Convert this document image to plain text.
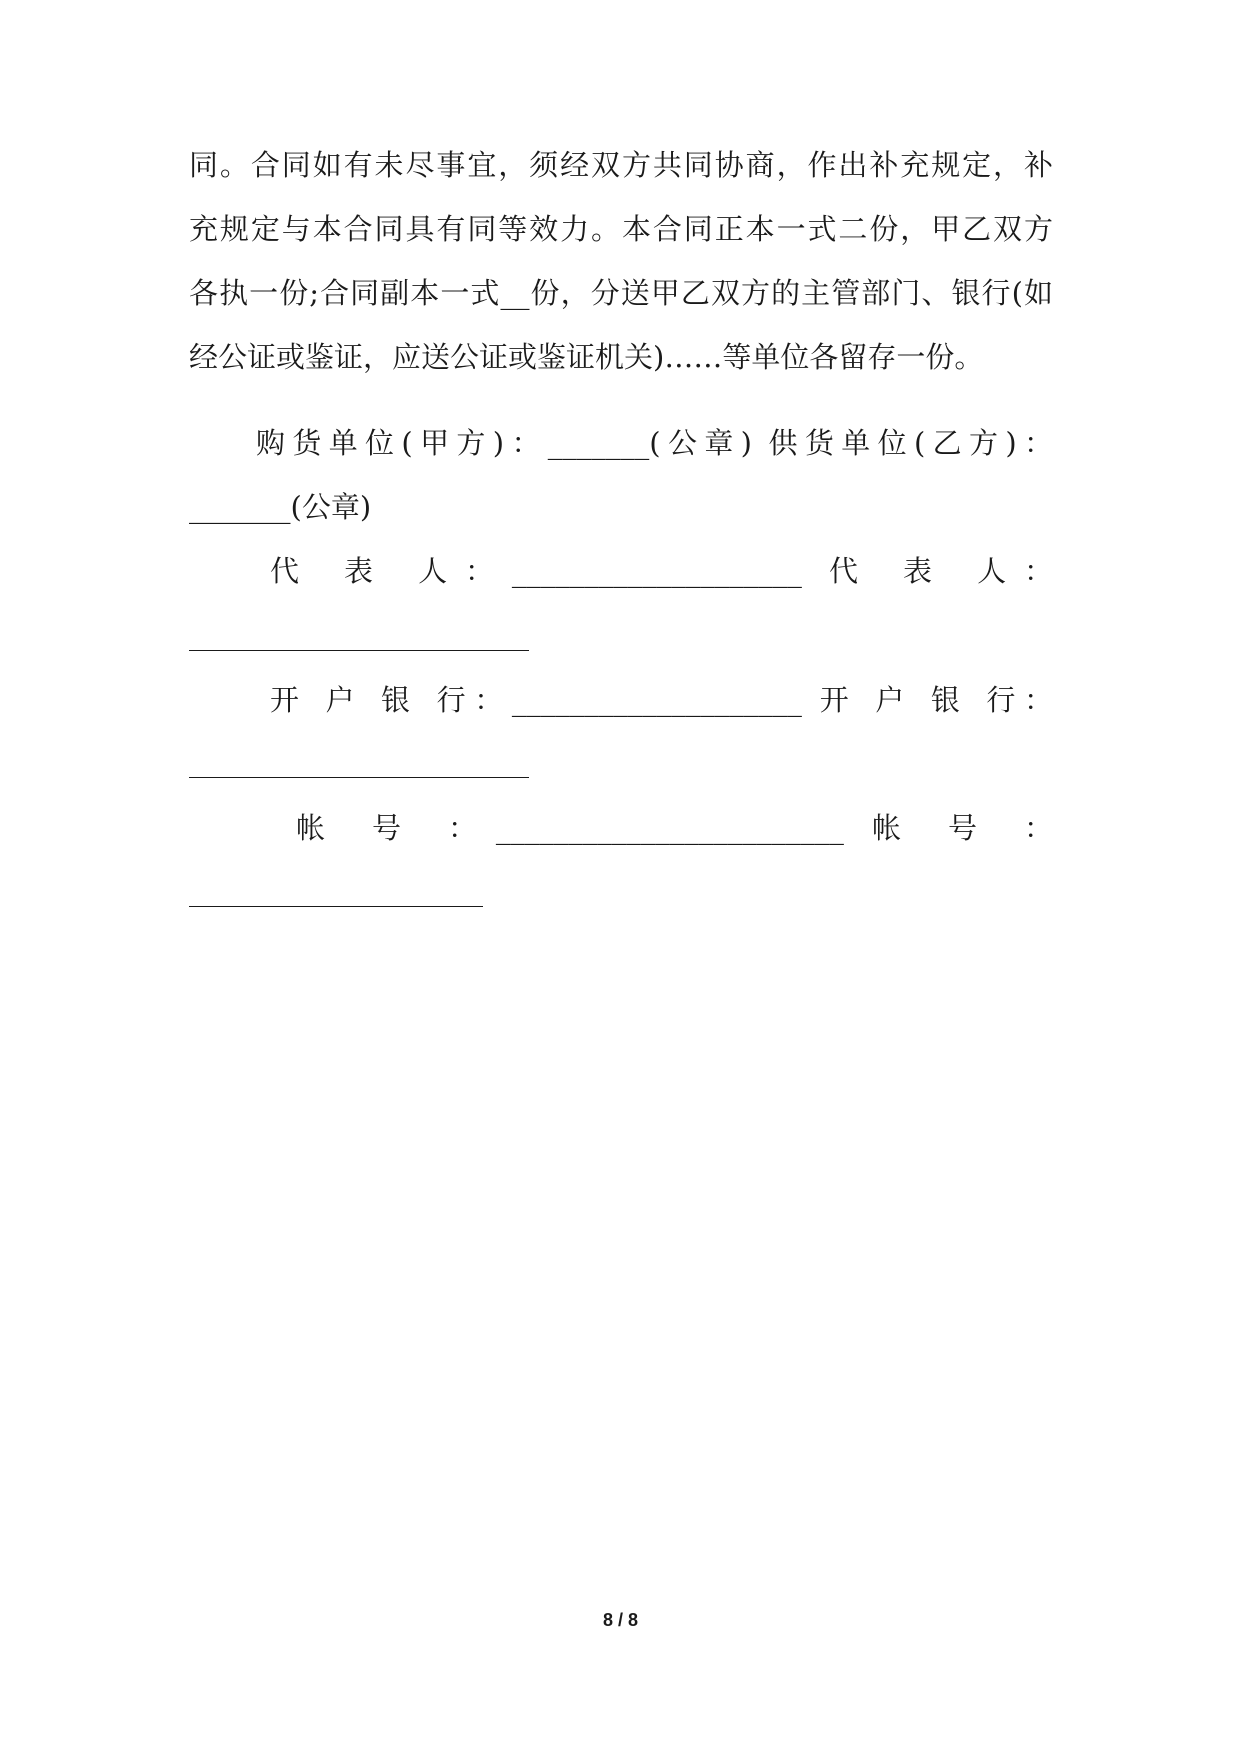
同。合同如有未尽事宜，须经双方共同协商，作出补充规定，补

充规定与本合同具有同等效力。本合同正本一式二份，甲乙双方

各执一份;合同副本一式__份，分送甲乙双方的主管部门、银行(如

经公证或鉴证，应送公证或鉴证机关)……等单位各留存一份。

购货单位(甲方)：_______(公章) 供货单位(乙方)：

_______(公章)

代 表 人：____________________ 代 表 人：

开 户 银 行：____________________ 开 户 银 行：

帐 号 ：________________________ 帐 号 ：

8 / 8
